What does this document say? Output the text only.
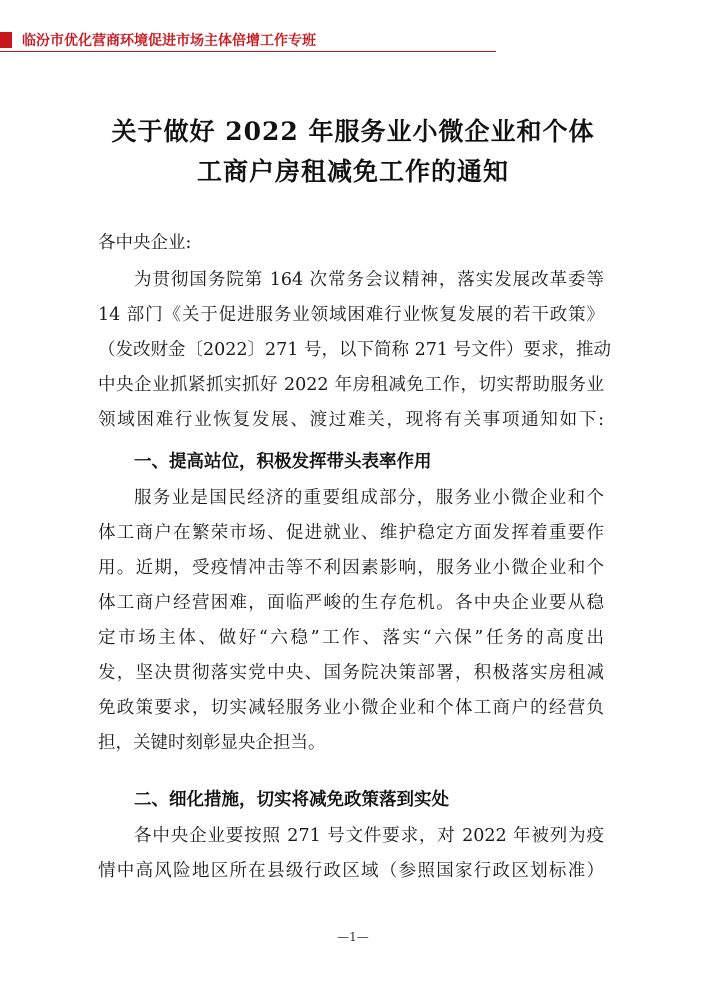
临汾市优化营商环境促进市场主体倍增工作专班
关于做好 2022 年服务业小微企业和个体
工商户房租减免工作的通知
各中央企业:
为贯彻国务院第 164 次常务会议精神，落实发展改革委等
14 部门《关于促进服务业领域困难行业恢复发展的若干政策》
（发改财金〔2022〕271 号，以下简称 271 号文件）要求，推动
中央企业抓紧抓实抓好 2022 年房租减免工作，切实帮助服务业
领域困难行业恢复发展、渡过难关，现将有关事项通知如下:
一、提高站位，积极发挥带头表率作用
服务业是国民经济的重要组成部分，服务业小微企业和个
体工商户在繁荣市场、促进就业、维护稳定方面发挥着重要作
用。近期，受疫情冲击等不利因素影响，服务业小微企业和个
体工商户经营困难，面临严峻的生存危机。各中央企业要从稳
定市场主体、做好“六稳”工作、落实“六保”任务的高度出
发，坚决贯彻落实党中央、国务院决策部署，积极落实房租减
免政策要求，切实减轻服务业小微企业和个体工商户的经营负
担，关键时刻彰显央企担当。
二、细化措施，切实将减免政策落到实处
各中央企业要按照 271 号文件要求，对 2022 年被列为疫
情中高风险地区所在县级行政区域（参照国家行政区划标准）
—1—
